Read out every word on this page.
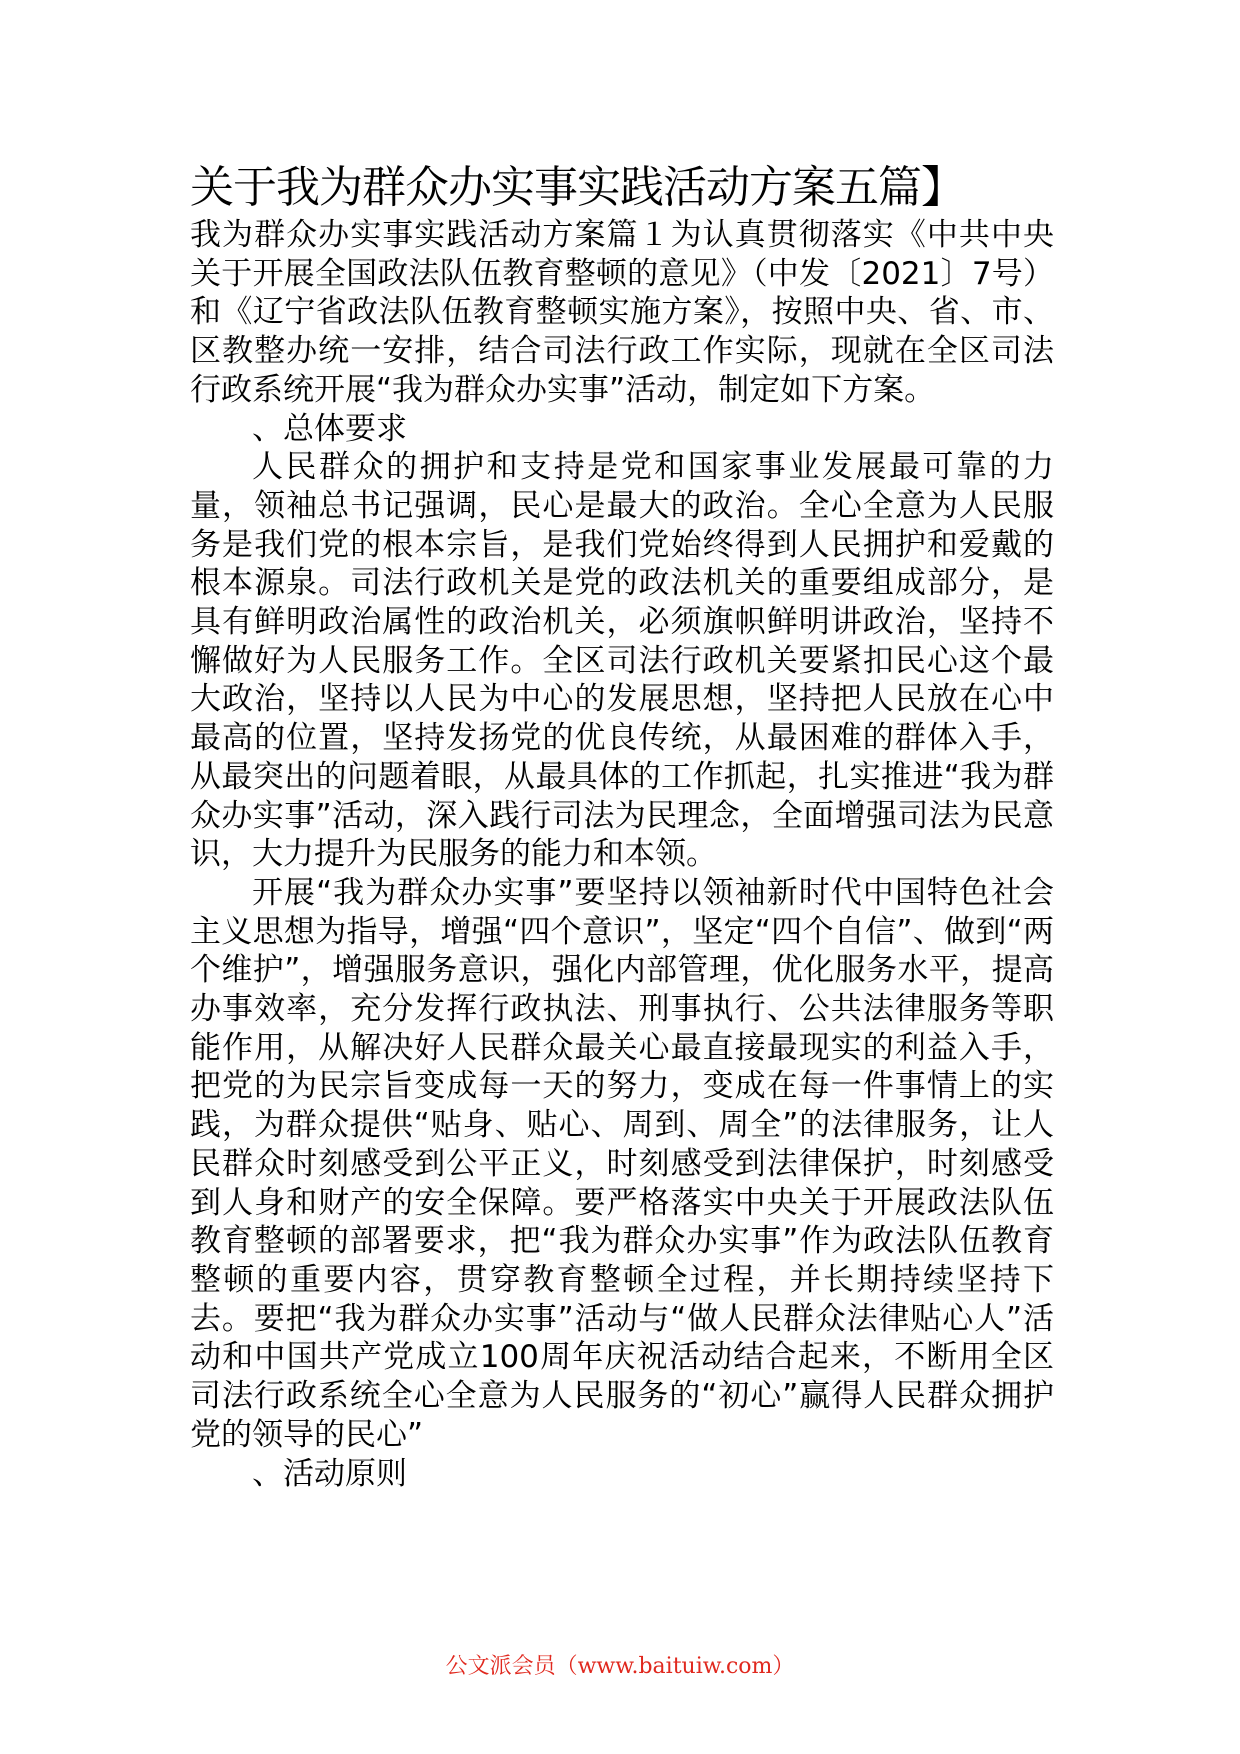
关于我为群众办实事实践活动方案五篇】

我为群众办实事实践活动方案篇１为认真贯彻落实《中共中央关于开展全国政法队伍教育整顿的意见》（中发〔2021〕7号）和《辽宁省政法队伍教育整顿实施方案》，按照中央、省、市、区教整办统一安排，结合司法行政工作实际，现就在全区司法行政系统开展“我为群众办实事”活动，制定如下方案。

、总体要求

人民群众的拥护和支持是党和国家事业发展最可靠的力量，领袖总书记强调，民心是最大的政治。全心全意为人民服务是我们党的根本宗旨，是我们党始终得到人民拥护和爱戴的根本源泉。司法行政机关是党的政法机关的重要组成部分，是具有鲜明政治属性的政治机关，必须旗帜鲜明讲政治，坚持不懈做好为人民服务工作。全区司法行政机关要紧扣民心这个最大政治，坚持以人民为中心的发展思想，坚持把人民放在心中最高的位置，坚持发扬党的优良传统，从最困难的群体入手，从最突出的问题着眼，从最具体的工作抓起，扎实推进“我为群众办实事”活动，深入践行司法为民理念，全面增强司法为民意识，大力提升为民服务的能力和本领。

开展“我为群众办实事”要坚持以领袖新时代中国特色社会主义思想为指导，增强“四个意识”，坚定“四个自信”、做到“两个维护”，增强服务意识，强化内部管理，优化服务水平，提高办事效率，充分发挥行政执法、刑事执行、公共法律服务等职能作用，从解决好人民群众最关心最直接最现实的利益入手，把党的为民宗旨变成每一天的努力，变成在每一件事情上的实践，为群众提供“贴身、贴心、周到、周全”的法律服务，让人民群众时刻感受到公平正义，时刻感受到法律保护，时刻感受到人身和财产的安全保障。要严格落实中央关于开展政法队伍教育整顿的部署要求，把“我为群众办实事”作为政法队伍教育整顿的重要内容，贯穿教育整顿全过程，并长期持续坚持下去。要把“我为群众办实事”活动与“做人民群众法律贴心人”活动和中国共产党成立100周年庆祝活动结合起来，不断用全区司法行政系统全心全意为人民服务的“初心”赢得人民群众拥护党的领导的民心”

、活动原则

公文派会员（www.baituiw.com）
